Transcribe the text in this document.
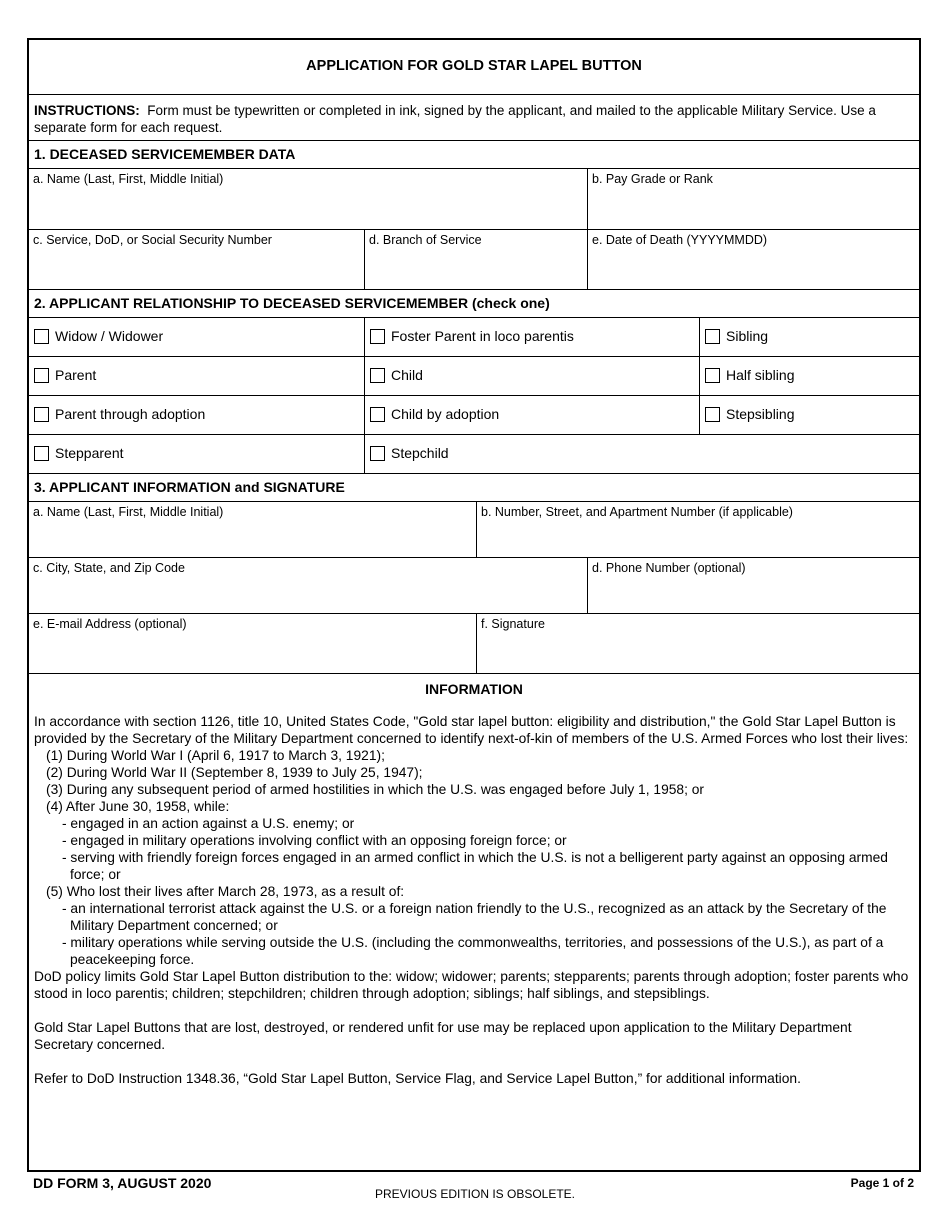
APPLICATION FOR GOLD STAR LAPEL BUTTON
INSTRUCTIONS: Form must be typewritten or completed in ink, signed by the applicant, and mailed to the applicable Military Service. Use a separate form for each request.
1. DECEASED SERVICEMEMBER DATA
a. Name (Last, First, Middle Initial)	b. Pay Grade or Rank
c. Service, DoD, or Social Security Number	d. Branch of Service	e. Date of Death (YYYYMMDD)
2. APPLICANT RELATIONSHIP TO DECEASED SERVICEMEMBER (check one)
Widow / Widower	Foster Parent in loco parentis	Sibling
Parent	Child	Half sibling
Parent through adoption	Child by adoption	Stepsibling
Stepparent	Stepchild
3. APPLICANT INFORMATION and SIGNATURE
a. Name (Last, First, Middle Initial)	b. Number, Street, and Apartment Number (if applicable)
c. City, State, and Zip Code	d. Phone Number (optional)
e. E-mail Address (optional)	f. Signature
INFORMATION

In accordance with section 1126, title 10, United States Code, "Gold star lapel button: eligibility and distribution," the Gold Star Lapel Button is provided by the Secretary of the Military Department concerned to identify next-of-kin of members of the U.S. Armed Forces who lost their lives:

(1) During World War I (April 6, 1917 to March 3, 1921);

(2) During World War II (September 8, 1939 to July 25, 1947);

(3) During any subsequent period of armed hostilities in which the U.S. was engaged before July 1, 1958; or

(4) After June 30, 1958, while:

- engaged in an action against a U.S. enemy; or

- engaged in military operations involving conflict with an opposing foreign force; or

- serving with friendly foreign forces engaged in an armed conflict in which the U.S. is not a belligerent party against an opposing armed force; or

(5) Who lost their lives after March 28, 1973, as a result of:

- an international terrorist attack against the U.S. or a foreign nation friendly to the U.S., recognized as an attack by the Secretary of the Military Department concerned; or

- military operations while serving outside the U.S. (including the commonwealths, territories, and possessions of the U.S.), as part of a peacekeeping force.

DoD policy limits Gold Star Lapel Button distribution to the: widow; widower; parents; stepparents; parents through adoption; foster parents who stood in loco parentis; children; stepchildren; children through adoption; siblings; half siblings, and stepsiblings.

Gold Star Lapel Buttons that are lost, destroyed, or rendered unfit for use may be replaced upon application to the Military Department Secretary concerned.

Refer to DoD Instruction 1348.36, “Gold Star Lapel Button, Service Flag, and Service Lapel Button,” for additional information.

DD FORM 3, AUGUST 2020
PREVIOUS EDITION IS OBSOLETE.
Page 1 of 2
